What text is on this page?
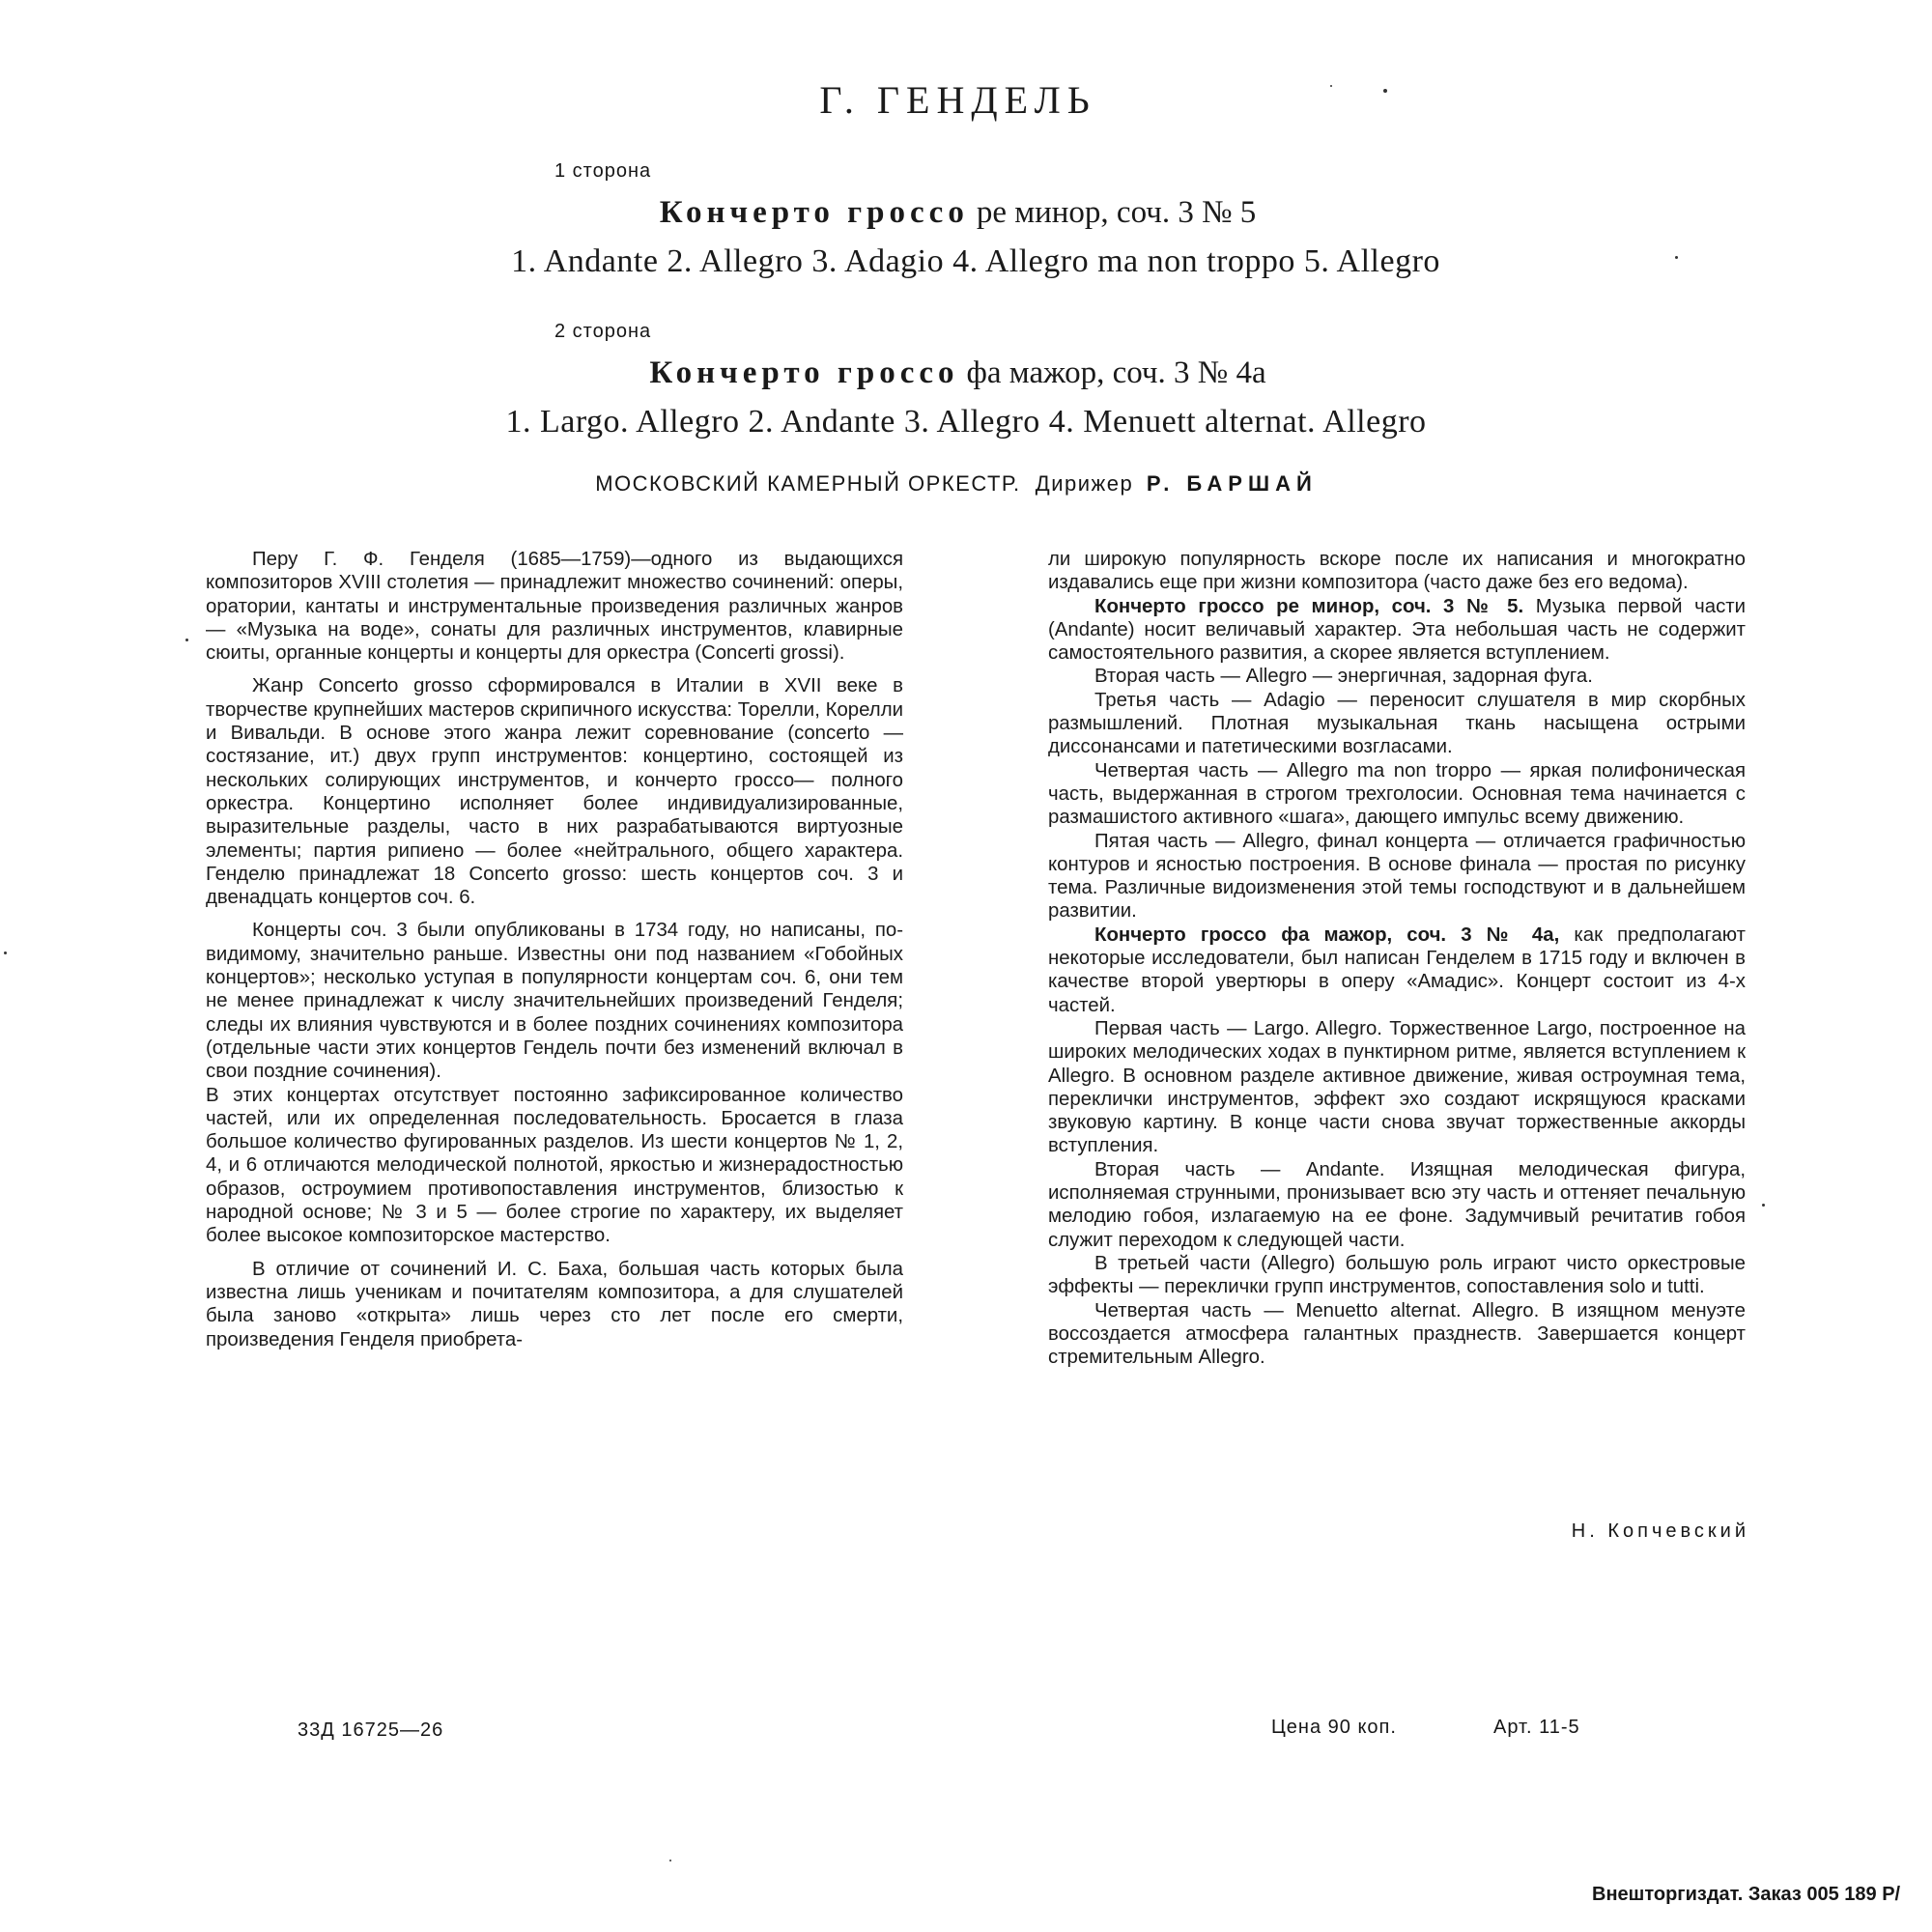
Г. ГЕНДЕЛЬ
1 сторона
Кончерто гроссо ре минор, соч. 3 № 5
1. Andante 2. Allegro 3. Adagio 4. Allegro ma non troppo 5. Allegro
2 сторона
Кончерто гроссо фа мажор, соч. 3 № 4а
1. Largo. Allegro 2. Andante 3. Allegro 4. Menuett alternat. Allegro
МОСКОВСКИЙ КАМЕРНЫЙ ОРКЕСТР. Дирижер Р. БАРШАЙ

Перу Г. Ф. Генделя (1685—1759)—одного из выдающихся композиторов XVIII столетия — принадлежит множество сочинений: оперы, оратории, кантаты и инструментальные произведения различных жанров — «Музыка на воде», сонаты для различных инструментов, клавирные сюиты, органные концерты и концерты для оркестра (Concerti grossi).

Жанр Concerto grosso сформировался в Италии в XVII веке в творчестве крупнейших мастеров скрипичного искусства: Торелли, Корелли и Вивальди. В основе этого жанра лежит соревнование (concerto — состязание, ит.) двух групп инструментов: концертино, состоящей из нескольких солирующих инструментов, и кончерто гроссо— полного оркестра. Концертино исполняет более индивидуализированные, выразительные разделы, часто в них разрабатываются виртуозные элементы; партия рипиено — более «нейтрального, общего характера. Генделю принадлежат 18 Concerto grosso: шесть концертов соч. 3 и двенадцать концертов соч. 6.

Концерты соч. 3 были опубликованы в 1734 году, но написаны, по-видимому, значительно раньше. Известны они под названием «Гобойных концертов»; несколько уступая в популярности концертам соч. 6, они тем не менее принадлежат к числу значительнейших произведений Генделя; следы их влияния чувствуются и в более поздних сочинениях композитора (отдельные части этих концертов Гендель почти без изменений включал в свои поздние сочинения).

В этих концертах отсутствует постоянно зафиксированное количество частей, или их определенная последовательность. Бросается в глаза большое количество фугированных разделов. Из шести концертов № 1, 2, 4, и 6 отличаются мелодической полнотой, яркостью и жизнерадостностью образов, остроумием противопоставления инструментов, близостью к народной основе; № 3 и 5 — более строгие по характеру, их выделяет более высокое композиторское мастерство.

В отличие от сочинений И. С. Баха, большая часть которых была известна лишь ученикам и почитателям композитора, а для слушателей была заново «открыта» лишь через сто лет после его смерти, произведения Генделя приобрета-

ли широкую популярность вскоре после их написания и многократно издавались еще при жизни композитора (часто даже без его ведома).

Кончерто гроссо ре минор, соч. 3 № 5. Музыка первой части (Andante) носит величавый характер. Эта небольшая часть не содержит самостоятельного развития, а скорее является вступлением.

Вторая часть — Allegro — энергичная, задорная фуга.

Третья часть — Adagio — переносит слушателя в мир скорбных размышлений. Плотная музыкальная ткань насыщена острыми диссонансами и патетическими возгласами.

Четвертая часть — Allegro ma non troppo — яркая полифоническая часть, выдержанная в строгом трехголосии. Основная тема начинается с размашистого активного «шага», дающего импульс всему движению.

Пятая часть — Allegro, финал концерта — отличается графичностью контуров и ясностью построения. В основе финала — простая по рисунку тема. Различные видоизменения этой темы господствуют и в дальнейшем развитии.

Кончерто гроссо фа мажор, соч. 3 № 4а, как предполагают некоторые исследователи, был написан Генделем в 1715 году и включен в качестве второй увертюры в оперу «Амадис». Концерт состоит из 4-х частей.

Первая часть — Largo. Allegro. Торжественное Largo, построенное на широких мелодических ходах в пунктирном ритме, является вступлением к Allegro. В основном разделе активное движение, живая остроумная тема, переклички инструментов, эффект эхо создают искрящуюся красками звуковую картину. В конце части снова звучат торжественные аккорды вступления.

Вторая часть — Andante. Изящная мелодическая фигура, исполняемая струнными, пронизывает всю эту часть и оттеняет печальную мелодию гобоя, излагаемую на ее фоне. Задумчивый речитатив гобоя служит переходом к следующей части.

В третьей части (Allegro) большую роль играют чисто оркестровые эффекты — переклички групп инструментов, сопоставления solo и tutti.

Четвертая часть — Menuetto alternat. Allegro. В изящном менуэте воссоздается атмосфера галантных празднеств. Завершается концерт стремительным Allegro.

Н. Копчевский
33Д 16725—26	Цена 90 коп.	Арт. 11-5
Внешторгиздат. Заказ 005 189 Р/
